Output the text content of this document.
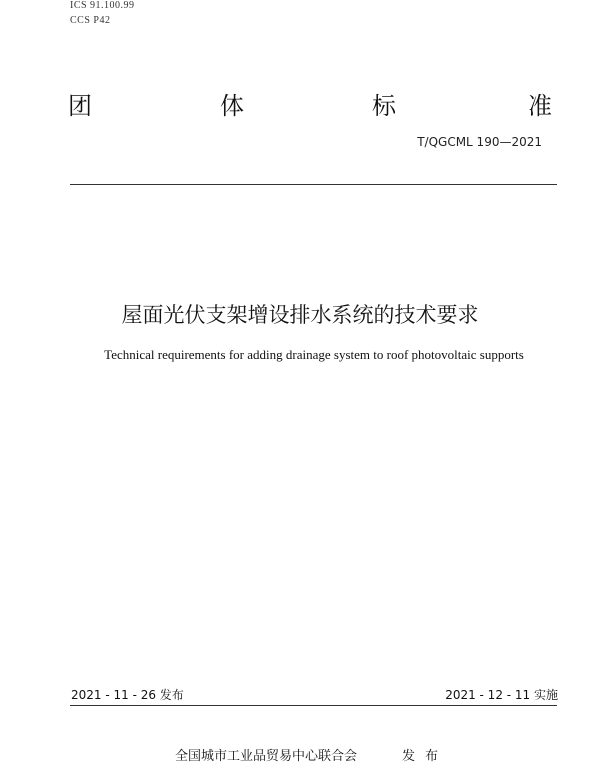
ICS 91.100.99
CCS P42
团	体	标	准
T/QGCML 190—2021
屋面光伏支架增设排水系统的技术要求
Technical requirements for adding drainage system to roof photovoltaic supports
2021 - 11 - 26 发布	2021 - 12 - 11 实施
全国城市工业品贸易中心联合会	发布
